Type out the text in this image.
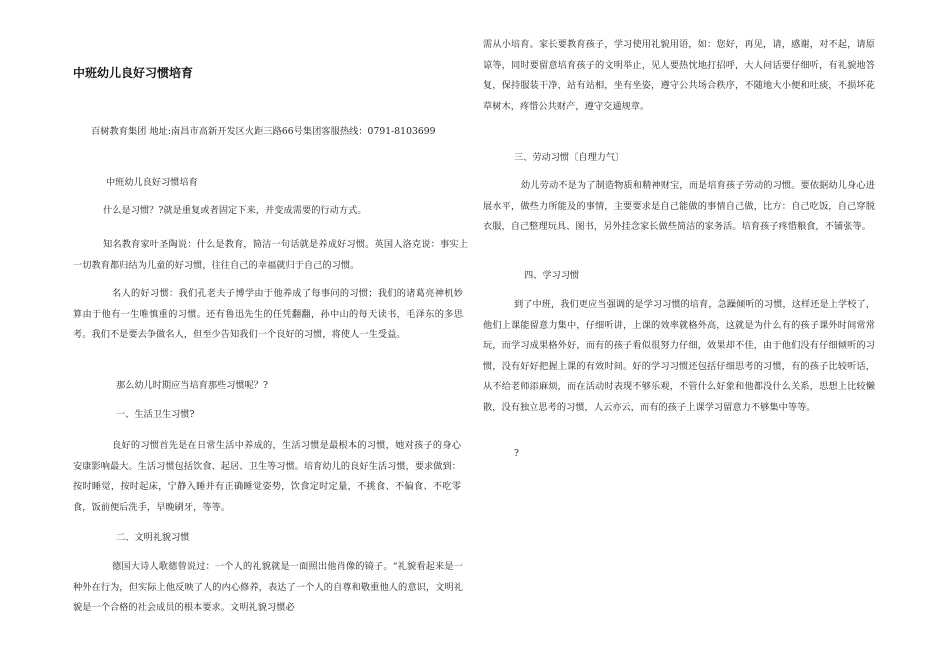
中班幼儿良好习惯培育

百树教育集团 地址:南昌市高新开发区火距三路66号集团客服热线：0791-8103699

中班幼儿良好习惯培育

什么是习惯？?就是重复或者固定下来，并变成需要的行动方式。

知名教育家叶圣陶说：什么是教育，简洁一句话就是养成好习惯。英国人洛克说：事实上一切教育都归结为儿童的好习惯，往往自己的幸福就归于自己的习惯。

名人的好习惯：我们孔老夫子博学由于他养成了每事问的习惯；我们的诸葛亮神机妙算由于他有一生唯慎重的习惯。还有鲁迅先生的任凭翻翻，孙中山的每天读书，毛泽东的多思考。我们不是要去争做名人，但至少告知我们一个良好的习惯，将使人一生受益。

那么幼儿时期应当培育那些习惯呢？?

一、生活卫生习惯?

良好的习惯首先是在日常生活中养成的，生活习惯是最根本的习惯，她对孩子的身心安康影响最大。生活习惯包括饮食、起居、卫生等习惯。培育幼儿的良好生活习惯，要求做到：按时睡觉，按时起床，宁静入睡并有正确睡觉姿势，饮食定时定量，不挑食、不偏食、不吃零食，饭前便后洗手，早晚刷牙，等等。

二、文明礼貌习惯

德国大诗人歌德曾说过：一个人的礼貌就是一面照出他肖像的镜子。“礼貌看起来是一种外在行为，但实际上他反映了人的内心修养，表达了一个人的自尊和敬重他人的意识，文明礼貌是一个合格的社会成员的根本要求。文明礼貌习惯必

需从小培育。家长要教育孩子，学习使用礼貌用语，如：您好，再见，请，感谢，对不起，请原谅等，同时要留意培育孩子的文明举止，见人要热忱地打招呼，大人问话要仔细听，有礼貌地答复，保持服装干净，站有站相，坐有坐姿，遵守公共场合秩序，不随地大小便和吐痰，不损坏花草树木，疼惜公共财产，遵守交通规章。

三、劳动习惯〔自理力气〕

幼儿劳动不是为了制造物质和精神财宝，而是培育孩子劳动的习惯。要依据幼儿身心进展水平，做些力所能及的事情，主要要求是自己能做的事情自己做，比方：自己吃饭，自己穿脱衣服，自己整理玩具、图书，另外挂念家长做些简洁的家务活。培育孩子疼惜粮食，不铺张等。

四、学习习惯

到了中班，我们更应当强调的是学习习惯的培育，急躁倾听的习惯，这样还是上学校了，他们上课能留意力集中，仔细听讲，上课的效率就格外高，这就是为什么有的孩子课外时间常常玩，而学习成果格外好，而有的孩子看似很努力仔细，效果却不佳，由于他们没有仔细倾听的习惯，没有好好把握上课的有效时间。好的学习习惯还包括仔细思考的习惯，有的孩子比较听话，从不给老师添麻烦，而在活动时表现不够乐观，不管什么好象和他都没什么关系，思想上比较懒散，没有独立思考的习惯，人云亦云，而有的孩子上课学习留意力不够集中等等。

?
